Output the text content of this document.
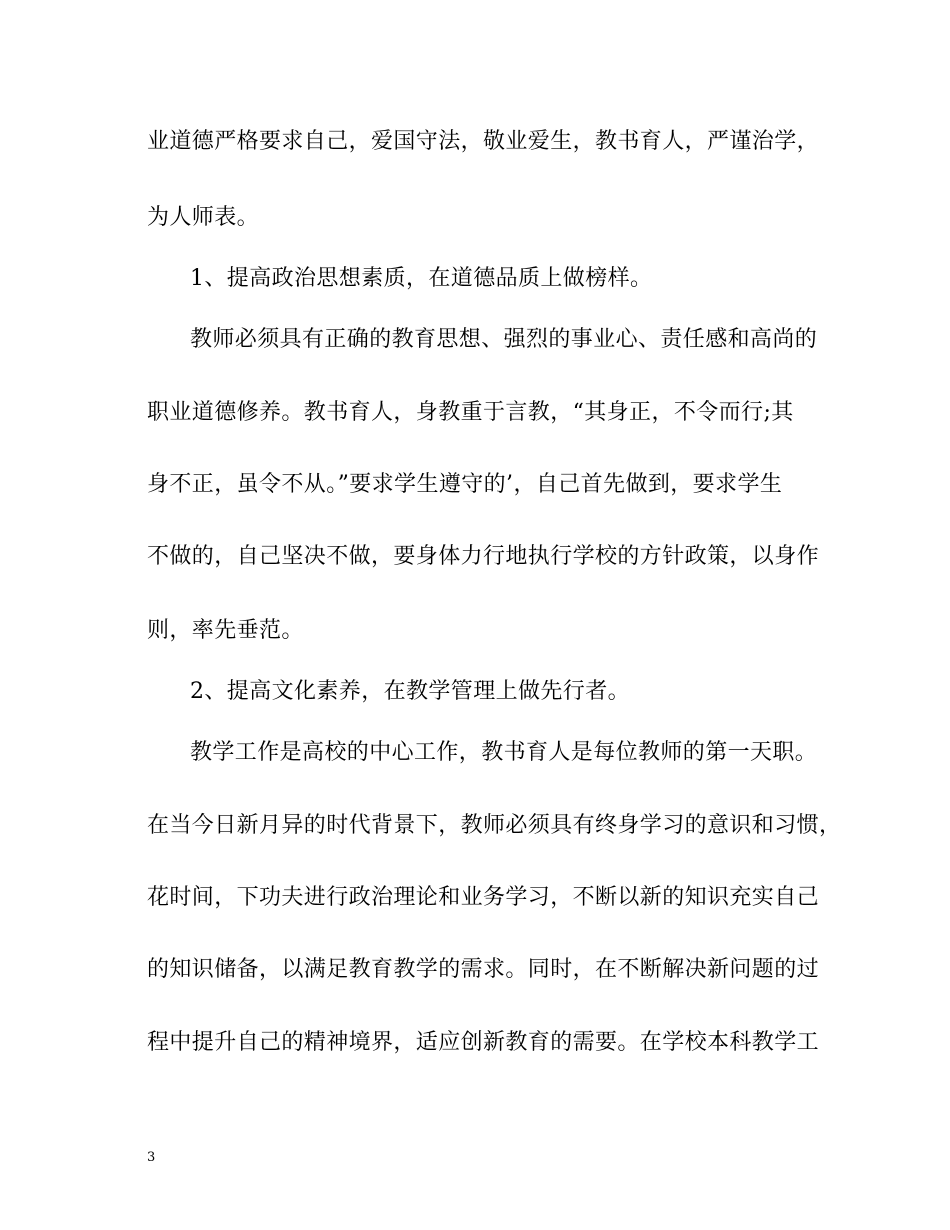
业道德严格要求自己，爱国守法，敬业爱生，教书育人，严谨治学，
为人师表。
1、提高政治思想素质，在道德品质上做榜样。
教师必须具有正确的教育思想、强烈的事业心、责任感和高尚的
职业道德修养。教书育人，身教重于言教，“其身正，不令而行;其
身不正，虽令不从。”要求学生遵守的’，自己首先做到，要求学生
不做的，自己坚决不做，要身体力行地执行学校的方针政策，以身作
则，率先垂范。
2、提高文化素养，在教学管理上做先行者。
教学工作是高校的中心工作，教书育人是每位教师的第一天职。
在当今日新月异的时代背景下，教师必须具有终身学习的意识和习惯，
花时间，下功夫进行政治理论和业务学习，不断以新的知识充实自己
的知识储备，以满足教育教学的需求。同时，在不断解决新问题的过
程中提升自己的精神境界，适应创新教育的需要。在学校本科教学工
3
